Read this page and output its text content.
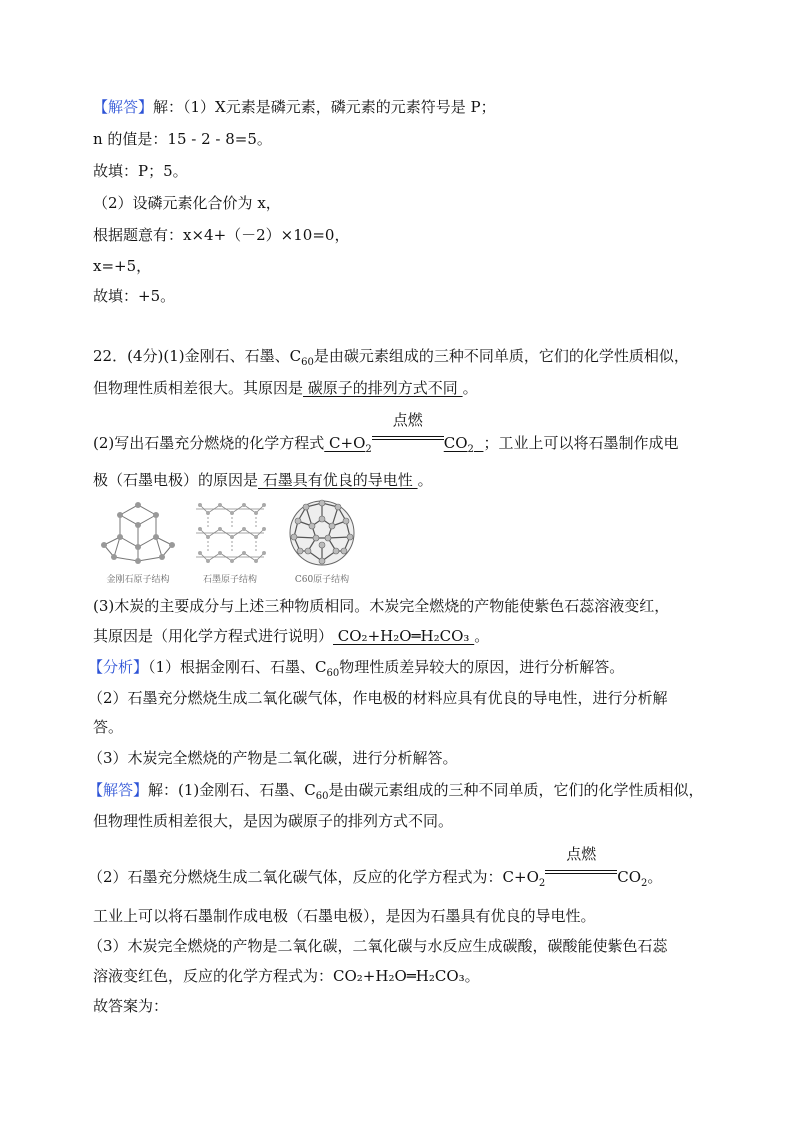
【解答】解：（1）X元素是磷元素，磷元素的元素符号是 P；
n 的值是：15 - 2 - 8=5。
故填：P；5。
（2）设磷元素化合价为 x，
根据题意有：x×4+（－2）×10=0，
x=+5，
故填：+5。
22．(4分)(1)金刚石、石墨、$C_{60}$是由碳元素组成的三种不同单质，它们的化学性质相似，
但物理性质相差很大。其原因是 碳原子的排列方式不同 。
(2)写出石墨充分燃烧的化学方程式 $C+O_2$
点燃
$CO_2$ ；工业上可以将石墨制作成电
极（石墨电极）的原因是 石墨具有优良的导电性 。
金刚石原子结构	石墨原子结构	C60原子结构
(3)木炭的主要成分与上述三种物质相同。木炭完全燃烧的产物能使紫色石蕊溶液变红，
其原因是（用化学方程式进行说明） CO₂+H₂O═H₂CO₃ 。
【分析】（1）根据金刚石、石墨、$C_{60}$物理性质差异较大的原因，进行分析解答。
（2）石墨充分燃烧生成二氧化碳气体，作电极的材料应具有优良的导电性，进行分析解
答。
（3）木炭完全燃烧的产物是二氧化碳，进行分析解答。
【解答】解：(1)金刚石、石墨、$C_{60}$是由碳元素组成的三种不同单质，它们的化学性质相似，
但物理性质相差很大，是因为碳原子的排列方式不同。
（2）石墨充分燃烧生成二氧化碳气体，反应的化学方程式为：$C+O_2$
点燃
$CO_2$。
工业上可以将石墨制作成电极（石墨电极），是因为石墨具有优良的导电性。
（3）木炭完全燃烧的产物是二氧化碳，二氧化碳与水反应生成碳酸，碳酸能使紫色石蕊
溶液变红色，反应的化学方程式为：CO₂+H₂O═H₂CO₃。
故答案为：
